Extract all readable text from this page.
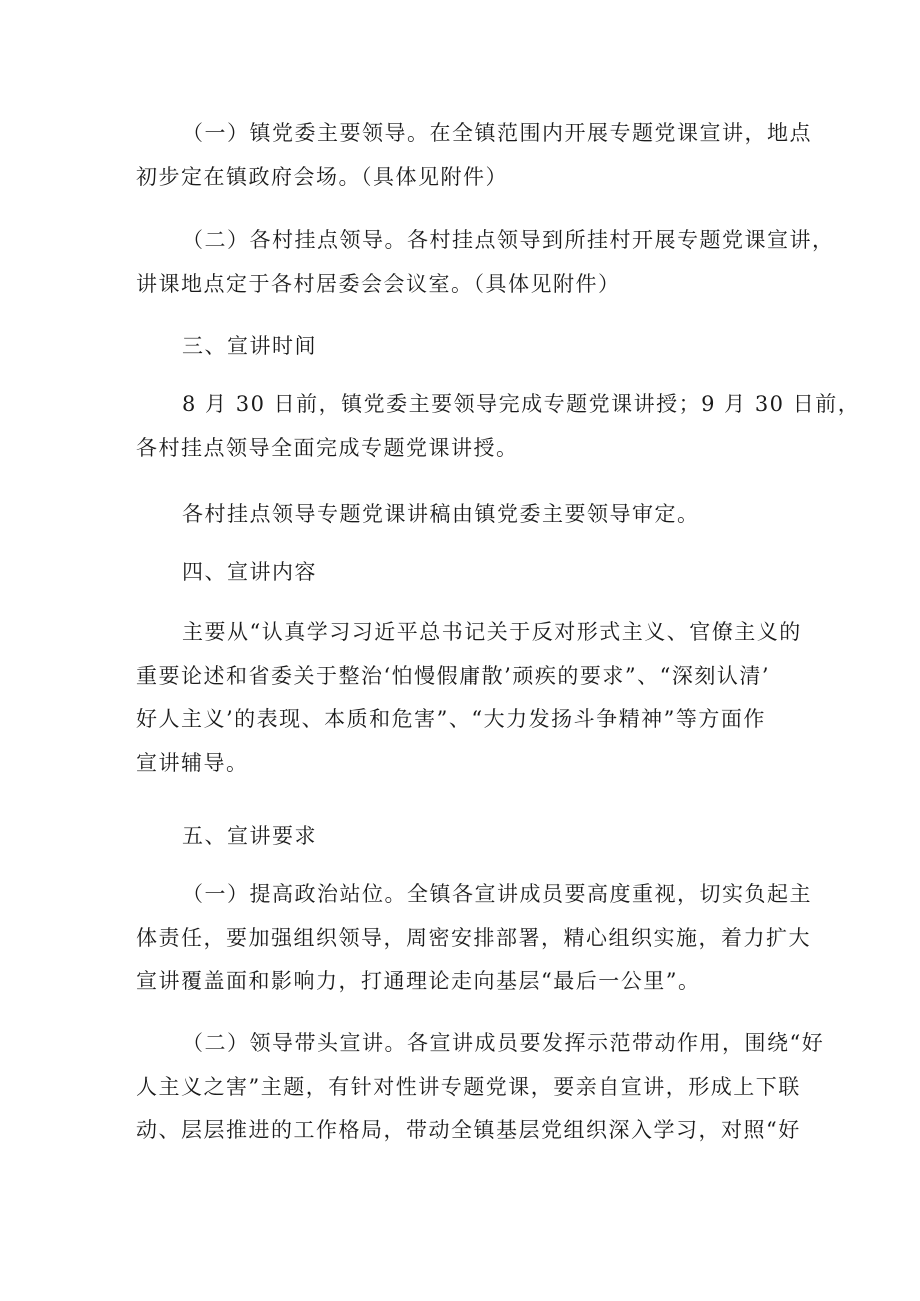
（一）镇党委主要领导。在全镇范围内开展专题党课宣讲，地点
初步定在镇政府会场。（具体见附件）

（二）各村挂点领导。各村挂点领导到所挂村开展专题党课宣讲，
讲课地点定于各村居委会会议室。（具体见附件）

三、宣讲时间

8 月 30 日前，镇党委主要领导完成专题党课讲授；9 月 30 日前，
各村挂点领导全面完成专题党课讲授。

各村挂点领导专题党课讲稿由镇党委主要领导审定。

四、宣讲内容

主要从“认真学习习近平总书记关于反对形式主义、官僚主义的
重要论述和省委关于整治‘怕慢假庸散’顽疾的要求”、“深刻认清’
好人主义’的表现、本质和危害”、“大力发扬斗争精神”等方面作
宣讲辅导。

五、宣讲要求

（一）提高政治站位。全镇各宣讲成员要高度重视，切实负起主
体责任，要加强组织领导，周密安排部署，精心组织实施，着力扩大
宣讲覆盖面和影响力，打通理论走向基层“最后一公里”。

（二）领导带头宣讲。各宣讲成员要发挥示范带动作用，围绕“好
人主义之害”主题，有针对性讲专题党课，要亲自宣讲，形成上下联
动、层层推进的工作格局，带动全镇基层党组织深入学习，对照“好
